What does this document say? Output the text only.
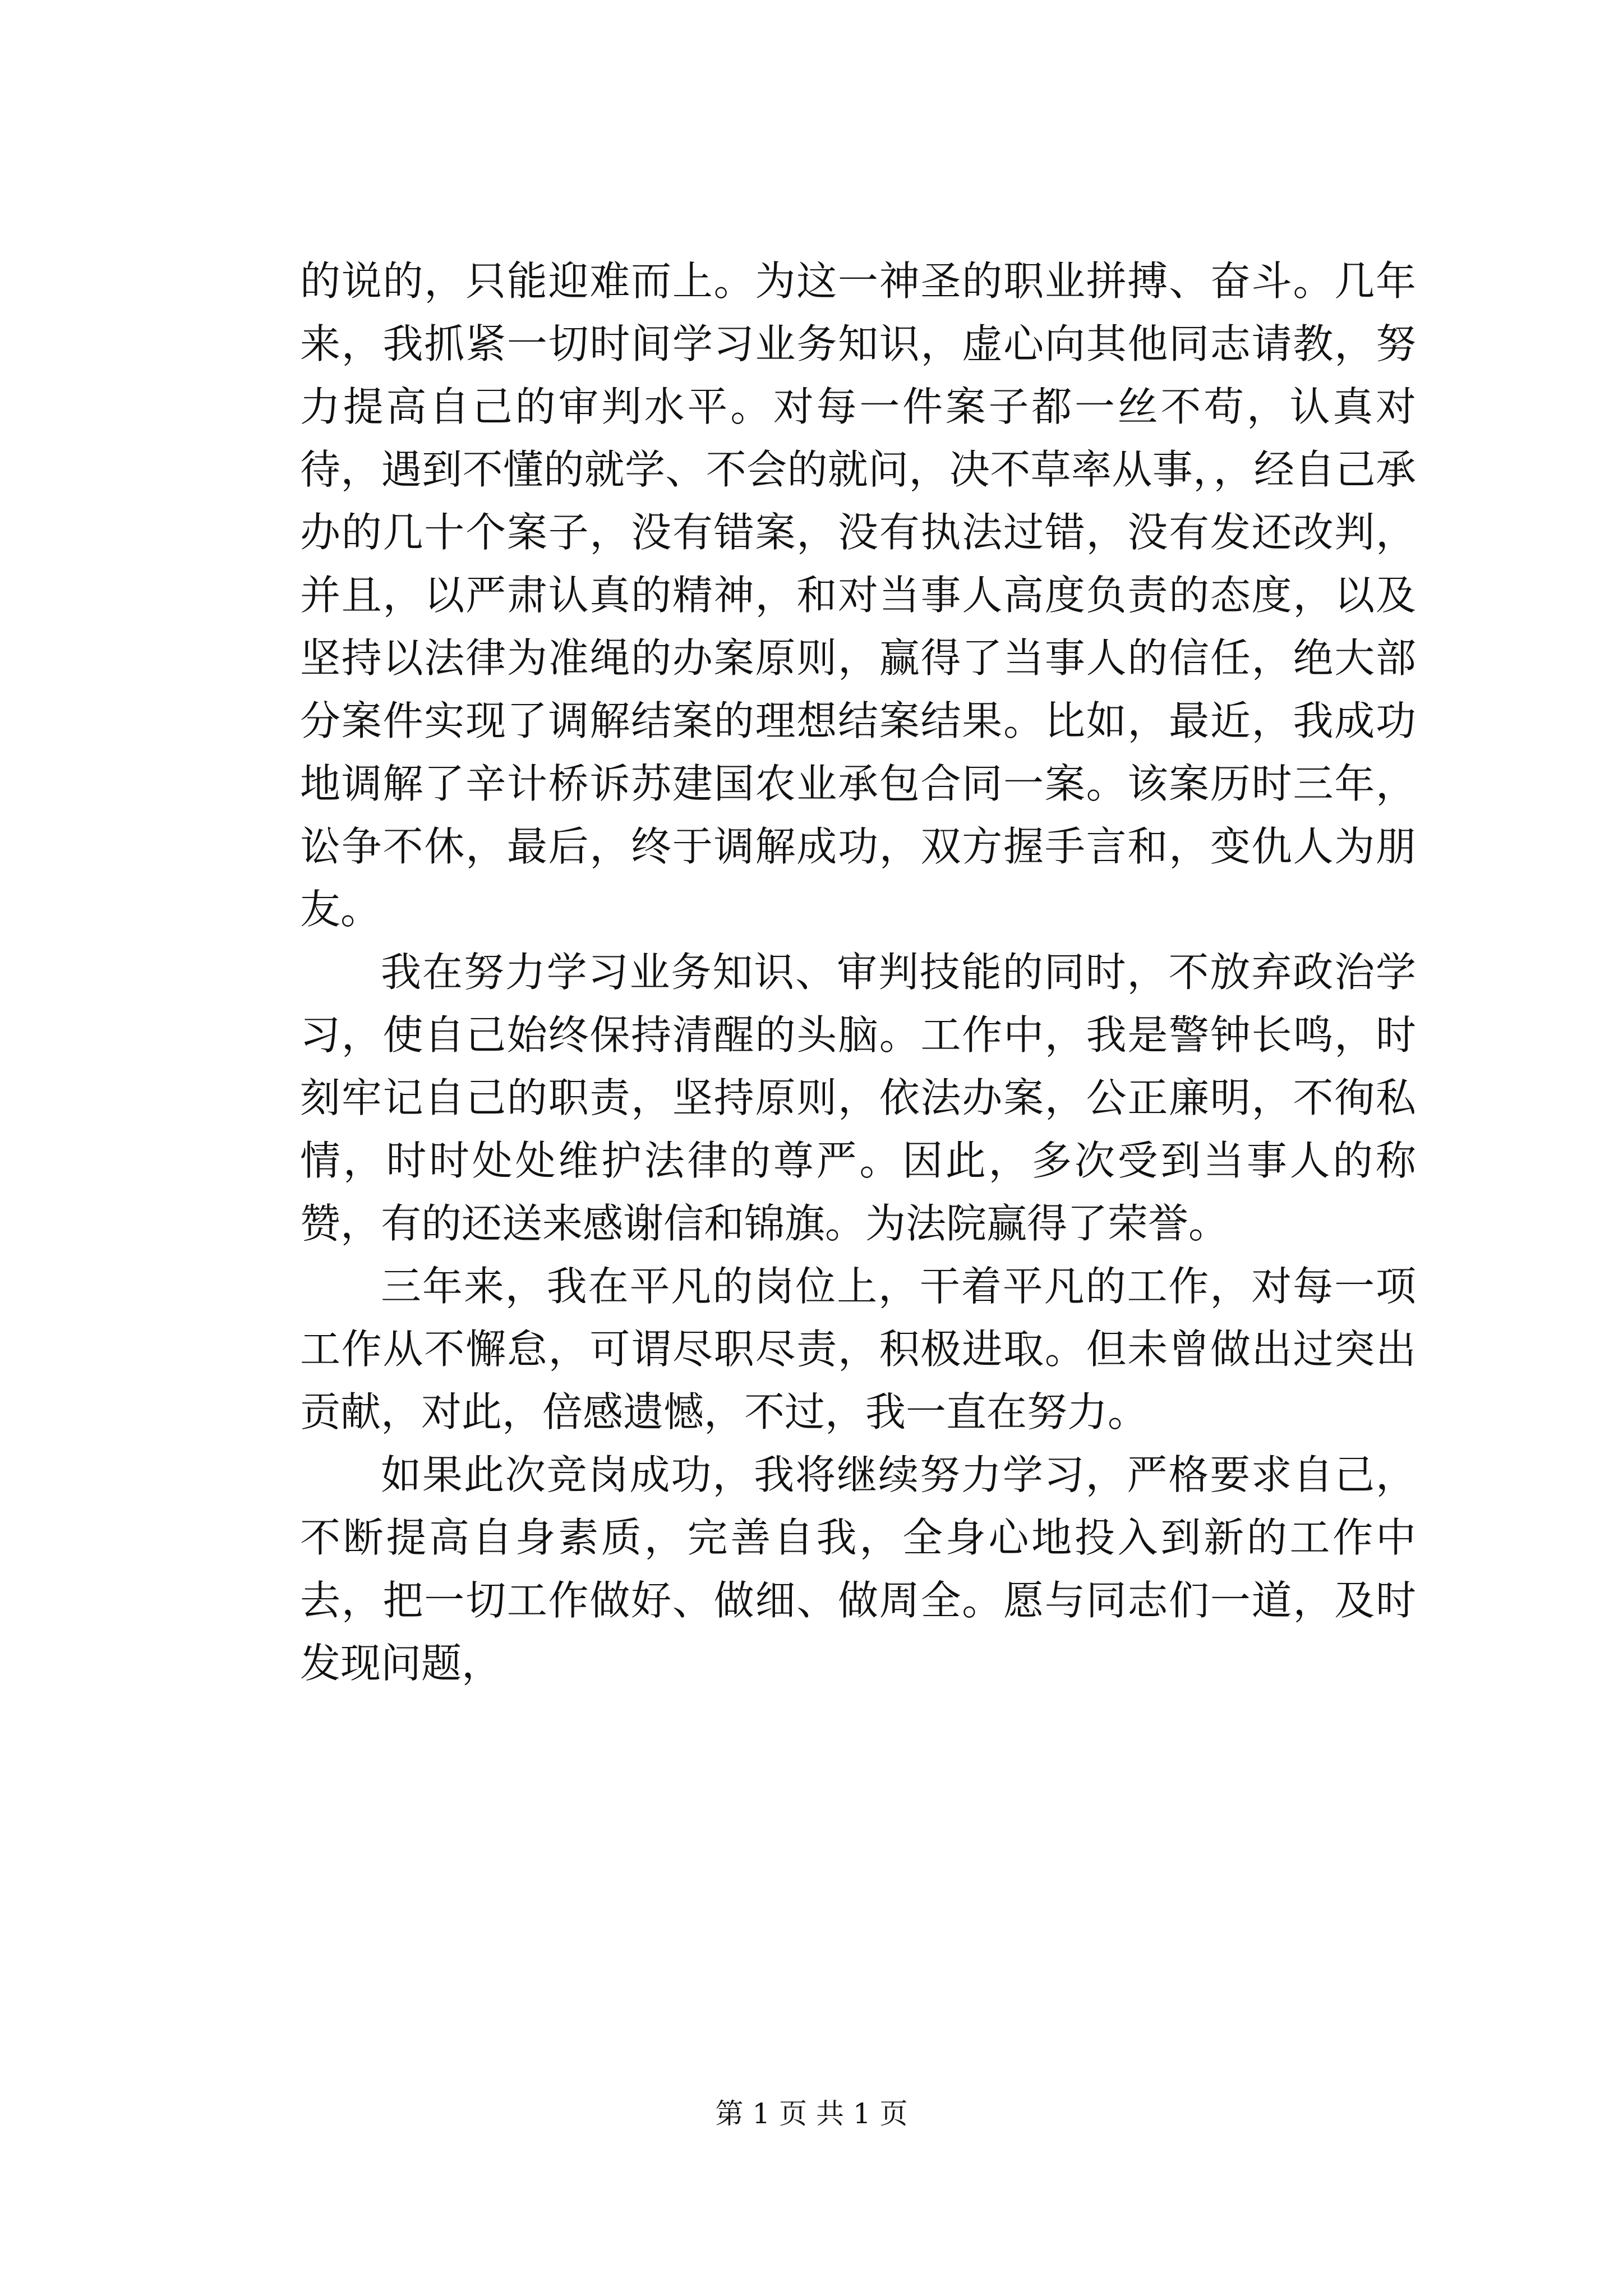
的说的，只能迎难而上。为这一神圣的职业拼搏、奋斗。几年来，我抓紧一切时间学习业务知识，虚心向其他同志请教，努力提高自己的审判水平。对每一件案子都一丝不苟，认真对待，遇到不懂的就学、不会的就问，决不草率从事，，经自己承办的几十个案子，没有错案，没有执法过错，没有发还改判，并且，以严肃认真的精神，和对当事人高度负责的态度，以及坚持以法律为准绳的办案原则，赢得了当事人的信任，绝大部分案件实现了调解结案的理想结案结果。比如，最近，我成功地调解了辛计桥诉苏建国农业承包合同一案。该案历时三年，讼争不休，最后，终于调解成功，双方握手言和，变仇人为朋友。

我在努力学习业务知识、审判技能的同时，不放弃政治学习，使自己始终保持清醒的头脑。工作中，我是警钟长鸣，时刻牢记自己的职责，坚持原则，依法办案，公正廉明，不徇私情，时时处处维护法律的尊严。因此，多次受到当事人的称赞，有的还送来感谢信和锦旗。为法院赢得了荣誉。

三年来，我在平凡的岗位上，干着平凡的工作，对每一项工作从不懈怠，可谓尽职尽责，积极进取。但未曾做出过突出贡献，对此，倍感遗憾，不过，我一直在努力。

如果此次竞岗成功，我将继续努力学习，严格要求自己，不断提高自身素质，完善自我，全身心地投入到新的工作中去，把一切工作做好、做细、做周全。愿与同志们一道，及时发现问题，

第 1 页 共 1 页
